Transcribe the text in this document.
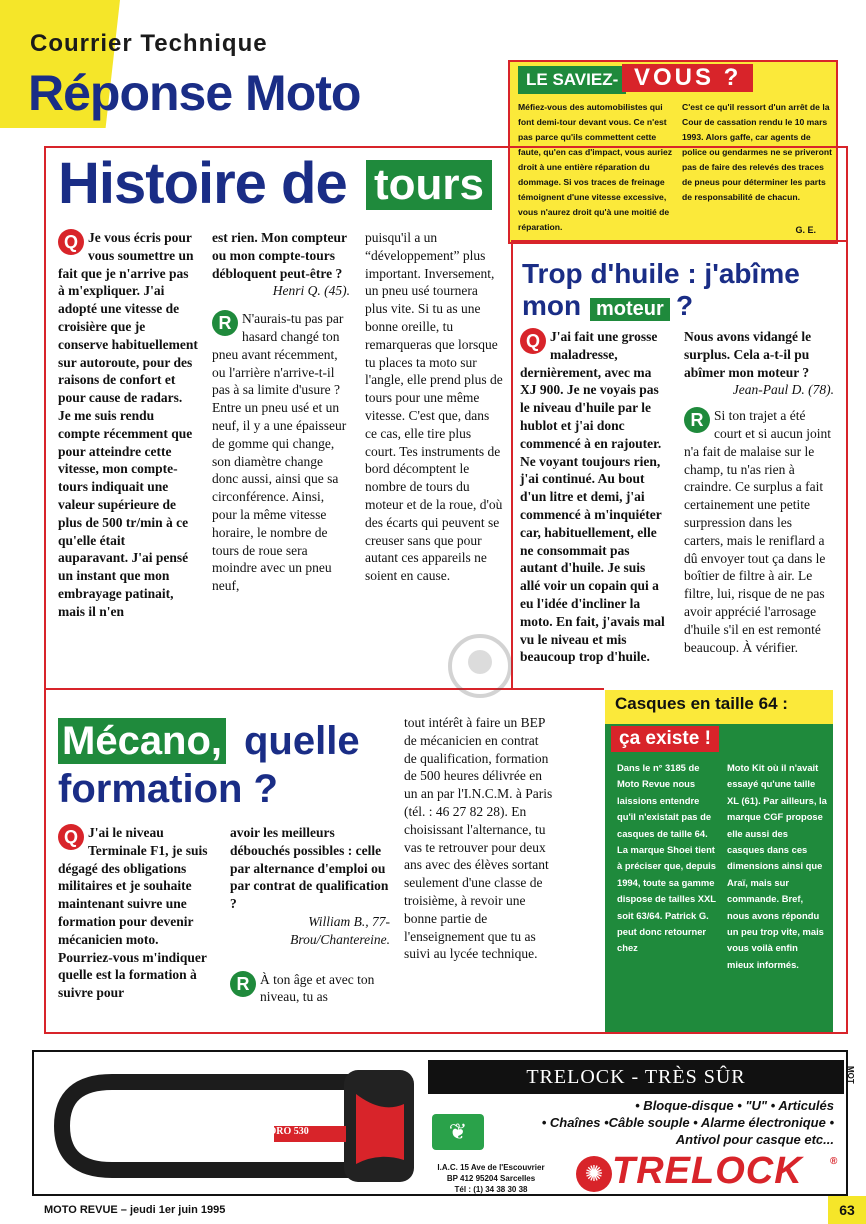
Courrier Technique
Réponse Moto	LE SAVIEZ- VOUS ?
Méfiez-vous des automobilistes qui font demi-tour devant vous. Ce n'est pas parce qu'ils commettent cette faute, qu'en cas d'impact, vous auriez droit à une entière réparation du dommage. Si vos traces de freinage témoignent d'une vitesse excessive, vous n'aurez droit qu'à une moitié de réparation.
C'est ce qu'il ressort d'un arrêt de la Cour de cassation rendu le 10 mars 1993. Alors gaffe, car agents de police ou gendarmes ne se priveront pas de faire des relevés des traces de pneus pour déterminer les parts de responsabilité de chacun.
G. E.
Histoire de tours
Q Je vous écris pour vous soumettre un fait que je n'arrive pas à m'expliquer. J'ai adopté une vitesse de croisière que je conserve habituellement sur autoroute, pour des raisons de confort et pour cause de radars. Je me suis rendu compte récemment que pour atteindre cette vitesse, mon compte-tours indiquait une valeur supérieure de plus de 500 tr/min à ce qu'elle était auparavant. J'ai pensé un instant que mon embrayage patinait, mais il n'en
est rien. Mon compteur ou mon compte-tours débloquent peut-être ?
Henri Q. (45).
R N'aurais-tu pas par hasard changé ton pneu avant récemment, ou l'arrière n'arrive-t-il pas à sa limite d'usure ? Entre un pneu usé et un neuf, il y a une épaisseur de gomme qui change, son diamètre change donc aussi, ainsi que sa circonférence. Ainsi, pour la même vitesse horaire, le nombre de tours de roue sera moindre avec un pneu neuf,
puisqu'il a un “développement” plus important. Inversement, un pneu usé tournera plus vite. Si tu as une bonne oreille, tu remarqueras que lorsque tu places ta moto sur l'angle, elle prend plus de tours pour une même vitesse. C'est que, dans ce cas, elle tire plus court. Tes instruments de bord décomptent le nombre de tours du moteur et de la roue, d'où des écarts qui peuvent se creuser sans que pour autant ces appareils ne soient en cause.
Trop d'huile : j'abîme
mon moteur ?
Q J'ai fait une grosse maladresse, dernièrement, avec ma XJ 900. Je ne voyais pas le niveau d'huile par le hublot et j'ai donc commencé à en rajouter. Ne voyant toujours rien, j'ai continué. Au bout d'un litre et demi, j'ai commencé à m'inquiéter car, habituellement, elle ne consommait pas autant d'huile. Je suis allé voir un copain qui a eu l'idée d'incliner la moto. En fait, j'avais mal vu le niveau et mis beaucoup trop d'huile.
Nous avons vidangé le surplus. Cela a-t-il pu abîmer mon moteur ?
Jean-Paul D. (78).
R Si ton trajet a été court et si aucun joint n'a fait de malaise sur le champ, tu n'as rien à craindre. Ce surplus a fait certainement une petite surpression dans les carters, mais le reniflard a dû envoyer tout ça dans le boîtier de filtre à air. Le filtre, lui, risque de ne pas avoir apprécié l'arrosage d'huile s'il en est remonté beaucoup. À vérifier.
Mécano, quelle
formation ?
Q J'ai le niveau Terminale F1, je suis dégagé des obligations militaires et je souhaite maintenant suivre une formation pour devenir mécanicien moto. Pourriez-vous m'indiquer quelle est la formation à suivre pour
avoir les meilleurs débouchés possibles : celle par alternance d'emploi ou par contrat de qualification ?
William B., 77-Brou/Chantereine.
R À ton âge et avec ton niveau, tu as
tout intérêt à faire un BEP de mécanicien en contrat de qualification, formation de 500 heures délivrée en un an par l'I.N.C.M. à Paris (tél. : 46 27 82 28). En choisissant l'alternance, tu vas te retrouver pour deux ans avec des élèves sortant seulement d'une classe de troisième, à revoir une bonne partie de l'enseignement que tu as suivi au lycée technique.
Casques en taille 64 :
ça existe !
Dans le n° 3185 de Moto Revue nous laissions entendre qu'il n'existait pas de casques de taille 64. La marque Shoei tient à préciser que, depuis 1994, toute sa gamme dispose de tailles XXL soit 63/64. Patrick G. peut donc retourner chez
Moto Kit où il n'avait essayé qu'une taille XL (61). Par ailleurs, la marque CGF propose elle aussi des casques dans ces dimensions ainsi que Araï, mais sur commande. Bref, nous avons répondu un peu trop vite, mais vous voilà enfin mieux informés.
TORO 530
TRELOCK - TRÈS SÛR
• Bloque-disque • "U" • Articulés
• Chaînes •Câble souple • Alarme électronique •
Antivol pour casque etc...
❦
I.A.C. 15 Ave de l'Escouvrier
BP 412 95204 Sarcelles
Tél : (1) 34 38 30 38
✺ TRELOCK	®
MOT
MOTO REVUE – jeudi 1er juin 1995	63
